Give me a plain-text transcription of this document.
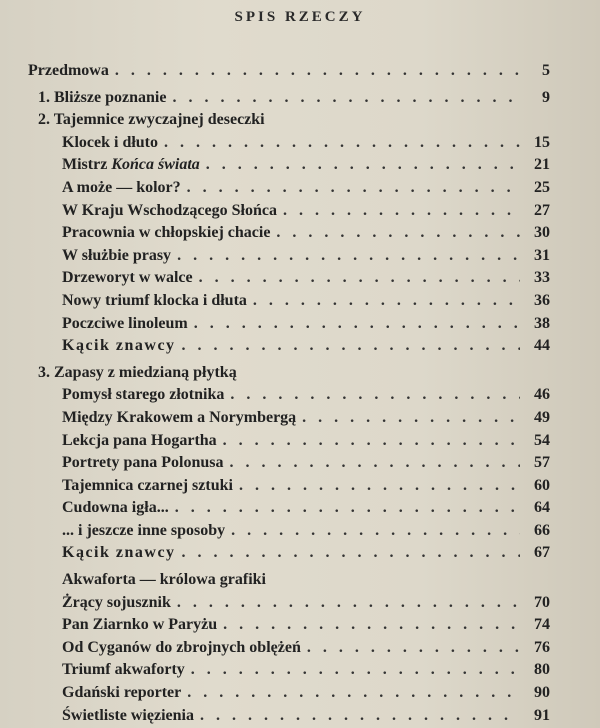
SPIS RZECZY
Przedmowa . . .	5
1. Bliższe poznanie . . .	9
2. Tajemnice zwyczajnej deseczki
Klocek i dłuto . . .	15
Mistrz Końca świata . . .	21
A może — kolor? . . .	25
W Kraju Wschodzącego Słońca . . .	27
Pracownia w chłopskiej chacie . . .	30
W służbie prasy . . .	31
Drzeworyt w walce . . .	33
Nowy triumf klocka i dłuta . . .	36
Poczciwe linoleum . . .	38
Kącik znawcy . . .	44
3. Zapasy z miedzianą płytką
Pomysł starego złotnika . . .	46
Między Krakowem a Norymbergą . . .	49
Lekcja pana Hogartha . . .	54
Portrety pana Polonusa . . .	57
Tajemnica czarnej sztuki . . .	60
Cudowna igła... . . .	64
... i jeszcze inne sposoby . . .	66
Kącik znawcy . . .	67
Akwaforta — królowa grafiki
Żrący sojusznik . . .	70
Pan Ziarnko w Paryżu . . .	74
Od Cyganów do zbrojnych oblężeń . . .	76
Triumf akwaforty . . .	80
Gdański reporter . . .	90
Świetliste więzienia . . .	91
